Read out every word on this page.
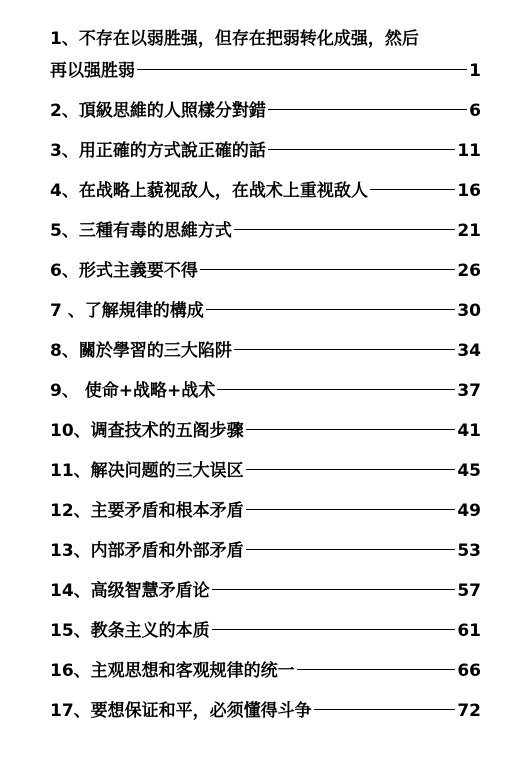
1、不存在以弱胜强，但存在把弱转化成强，然后
再以强胜弱	1
2、頂級思維的人照樣分對錯	6
3、用正確的方式說正確的話	11
4、在战略上藐视敌人，在战术上重视敌人	16
5、三種有毒的思維方式	21
6、形式主義要不得	26
7 、了解規律的構成	30
8、關於學習的三大陷阱	34
9、 使命+战略+战术	37
10、调查技术的五阁步骤	41
11、解决问题的三大误区	45
12、主要矛盾和根本矛盾	49
13、内部矛盾和外部矛盾	53
14、高级智慧矛盾论	57
15、教条主义的本质	61
16、主观思想和客观规律的统一	66
17、要想保证和平，必须懂得斗争	72
